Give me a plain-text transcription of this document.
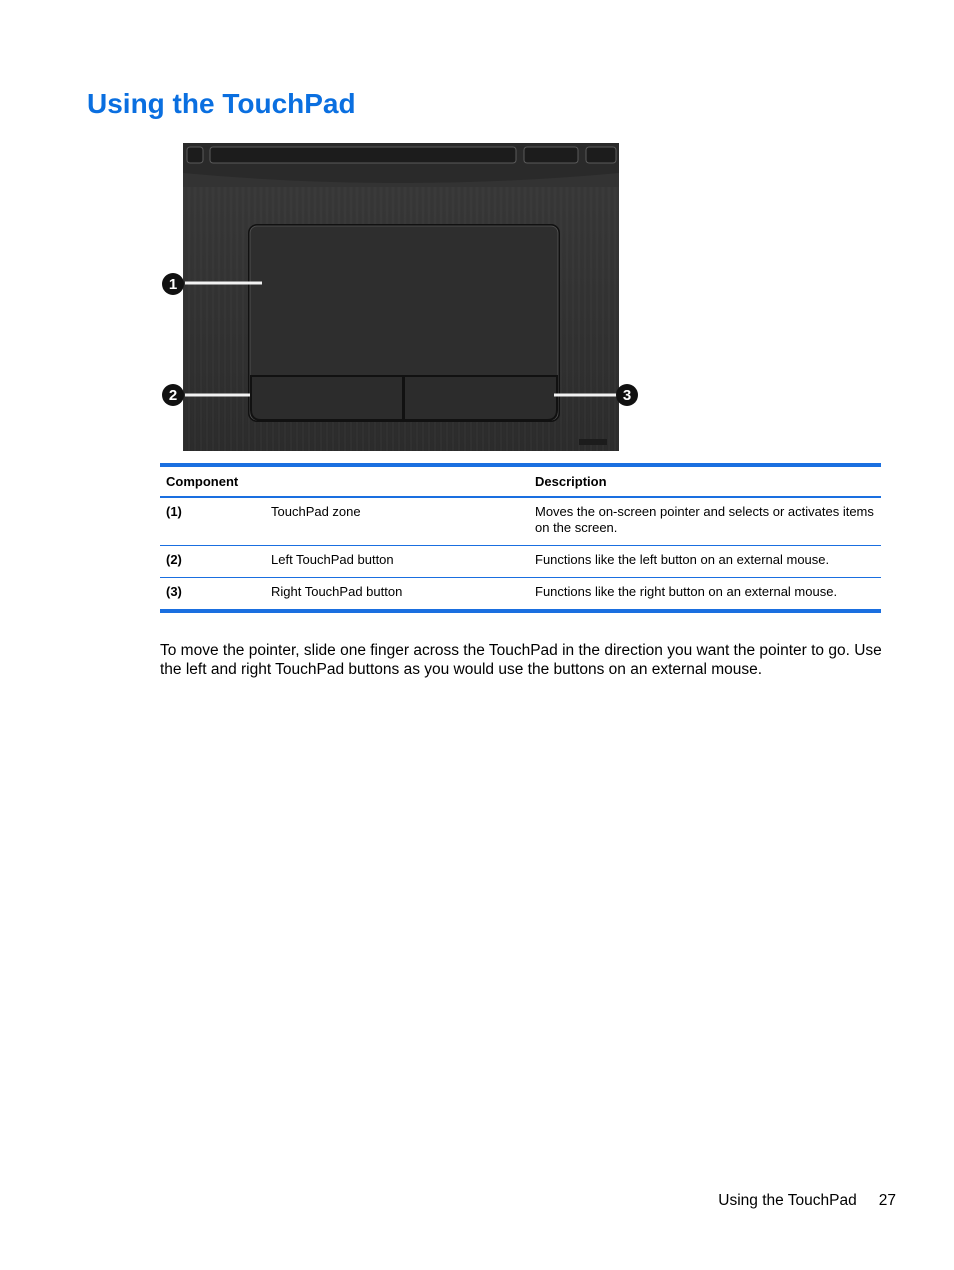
Using the TouchPad
1
2	3
Component		Description
(1)	TouchPad zone	Moves the on-screen pointer and selects or activates items on the screen.
(2)	Left TouchPad button	Functions like the left button on an external mouse.
(3)	Right TouchPad button	Functions like the right button on an external mouse.

To move the pointer, slide one finger across the TouchPad in the direction you want the pointer to go. Use the left and right TouchPad buttons as you would use the buttons on an external mouse.

Using the TouchPad 27
